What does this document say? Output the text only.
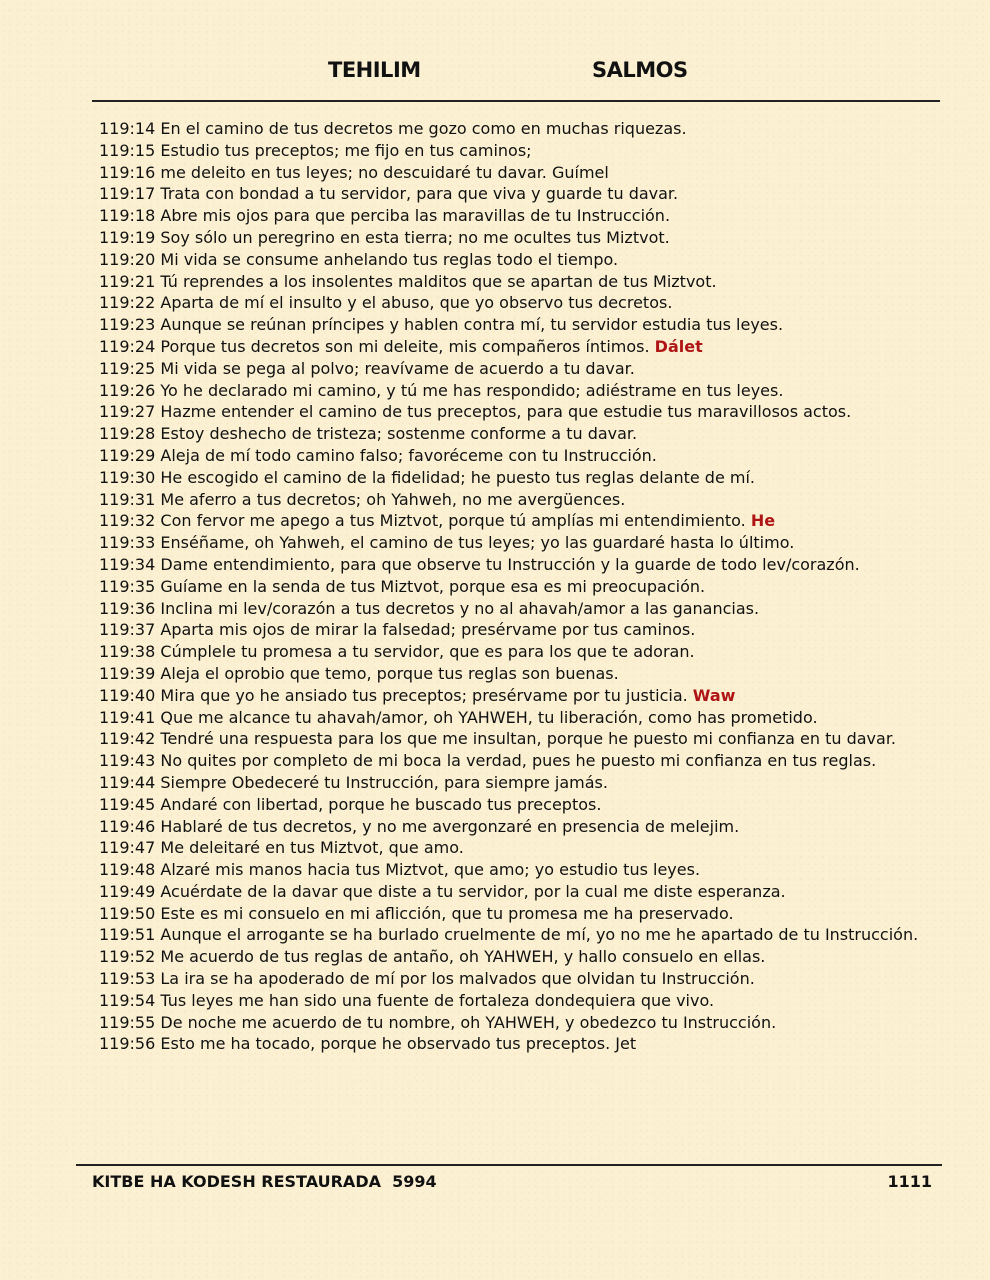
TEHILIM	SALMOS

119:14 En el camino de tus decretos me gozo como en muchas riquezas.

119:15 Estudio tus preceptos; me fijo en tus caminos;

119:16 me deleito en tus leyes; no descuidaré tu davar. Guímel

119:17 Trata con bondad a tu servidor, para que viva y guarde tu davar.

119:18 Abre mis ojos para que perciba las maravillas de tu Instrucción.

119:19 Soy sólo un peregrino en esta tierra; no me ocultes tus Miztvot.

119:20 Mi vida se consume anhelando tus reglas todo el tiempo.

119:21 Tú reprendes a los insolentes malditos que se apartan de tus Miztvot.

119:22 Aparta de mí el insulto y el abuso, que yo observo tus decretos.

119:23 Aunque se reúnan príncipes y hablen contra mí, tu servidor estudia tus leyes.

119:24 Porque tus decretos son mi deleite, mis compañeros íntimos. Dálet

119:25 Mi vida se pega al polvo; reavívame de acuerdo a tu davar.

119:26 Yo he declarado mi camino, y tú me has respondido; adiéstrame en tus leyes.

119:27 Hazme entender el camino de tus preceptos, para que estudie tus maravillosos actos.

119:28 Estoy deshecho de tristeza; sostenme conforme a tu davar.

119:29 Aleja de mí todo camino falso; favoréceme con tu Instrucción.

119:30 He escogido el camino de la fidelidad; he puesto tus reglas delante de mí.

119:31 Me aferro a tus decretos; oh Yahweh, no me avergüences.

119:32 Con fervor me apego a tus Miztvot, porque tú amplías mi entendimiento. He

119:33 Enséñame, oh Yahweh, el camino de tus leyes; yo las guardaré hasta lo último.

119:34 Dame entendimiento, para que observe tu Instrucción y la guarde de todo lev/corazón.

119:35 Guíame en la senda de tus Miztvot, porque esa es mi preocupación.

119:36 Inclina mi lev/corazón a tus decretos y no al ahavah/amor a las ganancias.

119:37 Aparta mis ojos de mirar la falsedad; presérvame por tus caminos.

119:38 Cúmplele tu promesa a tu servidor, que es para los que te adoran.

119:39 Aleja el oprobio que temo, porque tus reglas son buenas.

119:40 Mira que yo he ansiado tus preceptos; presérvame por tu justicia. Waw

119:41 Que me alcance tu ahavah/amor, oh YAHWEH, tu liberación, como has prometido.

119:42 Tendré una respuesta para los que me insultan, porque he puesto mi confianza en tu davar.

119:43 No quites por completo de mi boca la verdad, pues he puesto mi confianza en tus reglas.

119:44 Siempre Obedeceré tu Instrucción, para siempre jamás.

119:45 Andaré con libertad, porque he buscado tus preceptos.

119:46 Hablaré de tus decretos, y no me avergonzaré en presencia de melejim.

119:47 Me deleitaré en tus Miztvot, que amo.

119:48 Alzaré mis manos hacia tus Miztvot, que amo; yo estudio tus leyes.

119:49 Acuérdate de la davar que diste a tu servidor, por la cual me diste esperanza.

119:50 Este es mi consuelo en mi aflicción, que tu promesa me ha preservado.

119:51 Aunque el arrogante se ha burlado cruelmente de mí, yo no me he apartado de tu Instrucción.

119:52 Me acuerdo de tus reglas de antaño, oh YAHWEH, y hallo consuelo en ellas.

119:53 La ira se ha apoderado de mí por los malvados que olvidan tu Instrucción.

119:54 Tus leyes me han sido una fuente de fortaleza dondequiera que vivo.

119:55 De noche me acuerdo de tu nombre, oh YAHWEH, y obedezco tu Instrucción.

119:56 Esto me ha tocado, porque he observado tus preceptos. Jet

KITBE HA KODESH RESTAURADA  5994	1111
